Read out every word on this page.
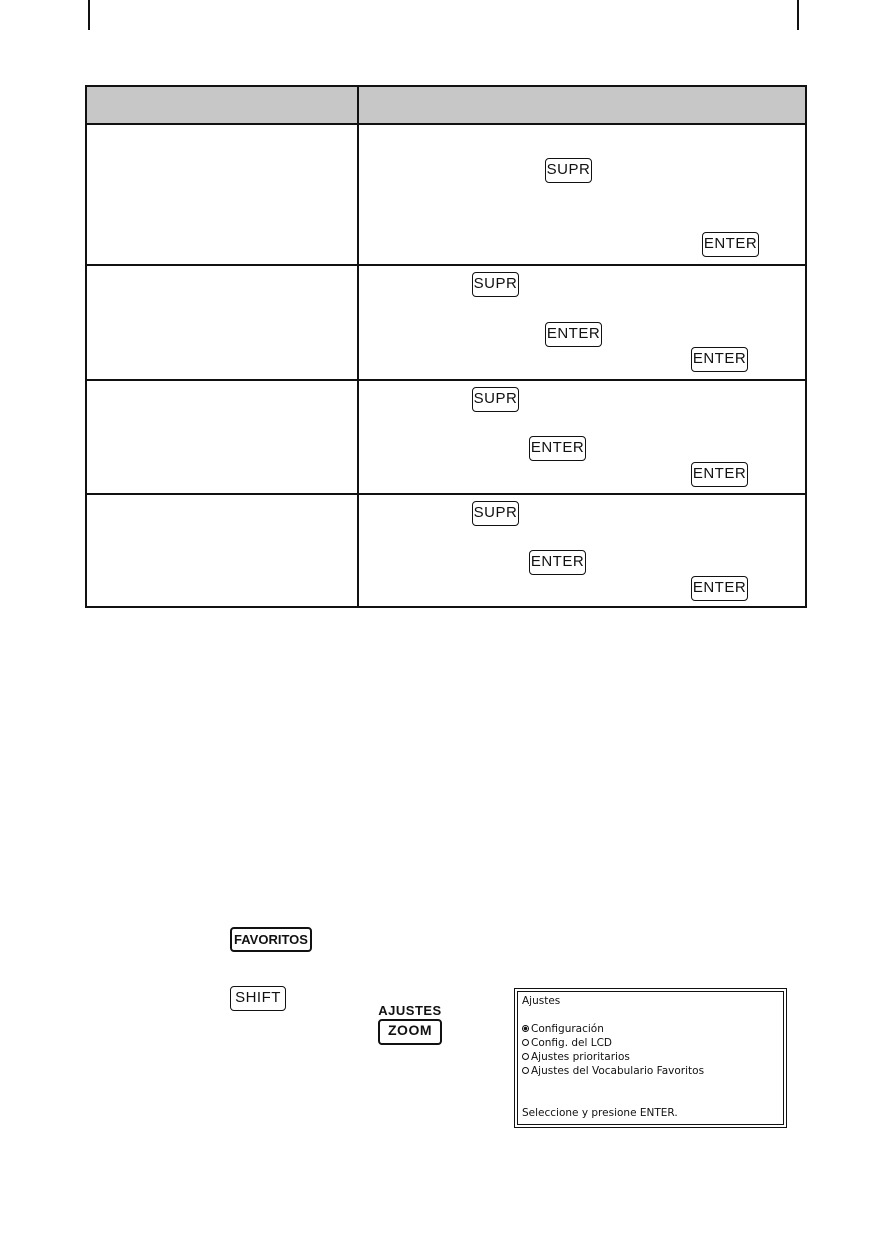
SUPR
ENTER
SUPR
ENTER
ENTER
SUPR
ENTER
ENTER
SUPR
ENTER
ENTER
FAVORITOS
SHIFT
AJUSTES
ZOOM
Ajustes
Configuración
Config. del LCD
Ajustes prioritarios
Ajustes del Vocabulario Favoritos
Seleccione y presione ENTER.
